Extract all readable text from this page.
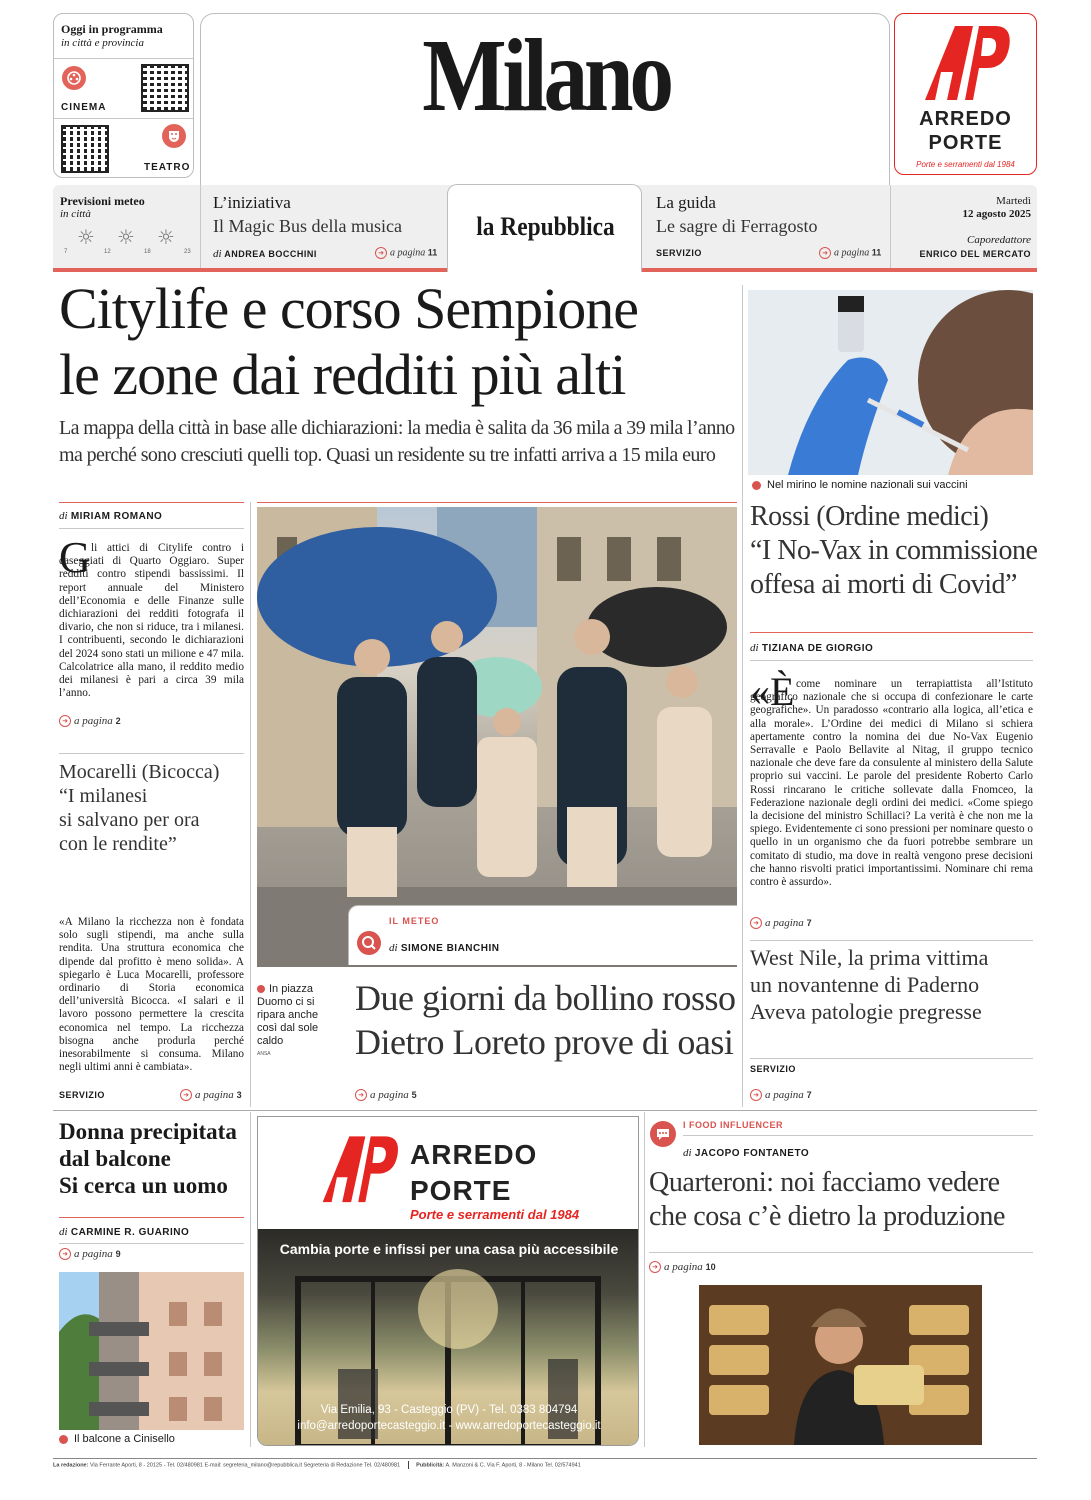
Oggi in programma
in città e provincia
CINEMA
TEATRO
Milano	ARREDO
PORTE
Porte e serramenti dal 1984
Previsioni meteo
in città
☼ ☼ ☼
7	12	18	23
L’iniziativa
Il Magic Bus della musica
di ANDREA BOCCHINI	➜ a pagina 11
la Repubblica
La guida
Le sagre di Ferragosto
SERVIZIO	➜ a pagina 11
Martedì
12 agosto 2025
Caporedattore
ENRICO DEL MERCATO
Citylife e corso Sempione
le zone dai redditi più alti
La mappa della città in base alle dichiarazioni: la media è salita da 36 mila a 39 mila l’anno
ma perché sono cresciuti quelli top. Quasi un residente su tre infatti arriva a 15 mila euro
di MIRIAM ROMANO
G li attici di Citylife contro i caseggiati di Quarto Oggiaro. Super redditi contro stipendi bassissimi. Il report annuale del Ministero dell’Economia e delle Finanze sulle dichiarazioni dei redditi fotografa il divario, che non si riduce, tra i milanesi. I contribuenti, secondo le dichiarazioni del 2024 sono stati un milione e 47 mila. Calcolatrice alla mano, il reddito medio dei milanesi è pari a circa 39 mila l’anno.
➜ a pagina 2
Mocarelli (Bicocca)
“I milanesi
si salvano per ora
con le rendite”
«A Milano la ricchezza non è fondata solo sugli stipendi, ma anche sulla rendita. Una struttura economica che dipende dal profitto è meno solida». A spiegarlo è Luca Mocarelli, professore ordinario di Storia economica dell’università Bicocca. «I salari e il lavoro possono permettere la crescita economica nel tempo. La ricchezza bisogna anche produrla perché inesorabilmente si consuma. Milano negli ultimi anni è cambiata».
SERVIZIO	➜ a pagina 3
IL METEO
di SIMONE BIANCHIN
In piazza Duomo ci si ripara anche così dal sole caldo
ANSA
Due giorni da bollino rosso
Dietro Loreto prove di oasi
➜ a pagina 5
Nel mirino le nomine nazionali sui vaccini
Rossi (Ordine medici)
“I No-Vax in commissione
offesa ai morti di Covid”
di TIZIANA DE GIORGIO
«È come nominare un terrapiattista all’Istituto geografico nazionale che si occupa di confezionare le carte geografiche». Un paradosso «contrario alla logica, all’etica e alla morale». L’Ordine dei medici di Milano si schiera apertamente contro la nomina dei due No-Vax Eugenio Serravalle e Paolo Bellavite al Nitag, il gruppo tecnico nazionale che deve fare da consulente al ministero della Salute proprio sui vaccini. Le parole del presidente Roberto Carlo Rossi rincarano le critiche sollevate dalla Fnomceo, la Federazione nazionale degli ordini dei medici. «Come spiego la decisione del ministro Schillaci? La verità è che non me la spiego. Evidentemente ci sono pressioni per nominare questo o quello in un organismo che da fuori potrebbe sembrare un comitato di studio, ma dove in realtà vengono prese decisioni che hanno risvolti pratici importantissimi. Nominare chi rema contro è assurdo».
➜ a pagina 7
West Nile, la prima vittima
un novantenne di Paderno
Aveva patologie pregresse
SERVIZIO
➜ a pagina 7
Donna precipitata
dal balcone
Si cerca un uomo
di CARMINE R. GUARINO
➜ a pagina 9
Il balcone a Cinisello
ARREDO
PORTE
Porte e serramenti dal 1984
Cambia porte e infissi per una casa più accessibile
Via Emilia, 93 - Casteggio (PV) - Tel. 0383 804794
info@arredoportecasteggio.it - www.arredoportecasteggio.it
I FOOD INFLUENCER
di JACOPO FONTANETO
Quarteroni: noi facciamo vedere
che cosa c’è dietro la produzione
➜ a pagina 10
La redazione: Via Ferrante Aporti, 8 - 20125 - Tel. 02/480981 E-mail: segreteria_milano@repubblica.it Segreteria di Redazione Tel. 02/480981	Pubblicità: A. Manzoni & C. Via F. Aporti, 8 - Milano Tel. 02/574941
